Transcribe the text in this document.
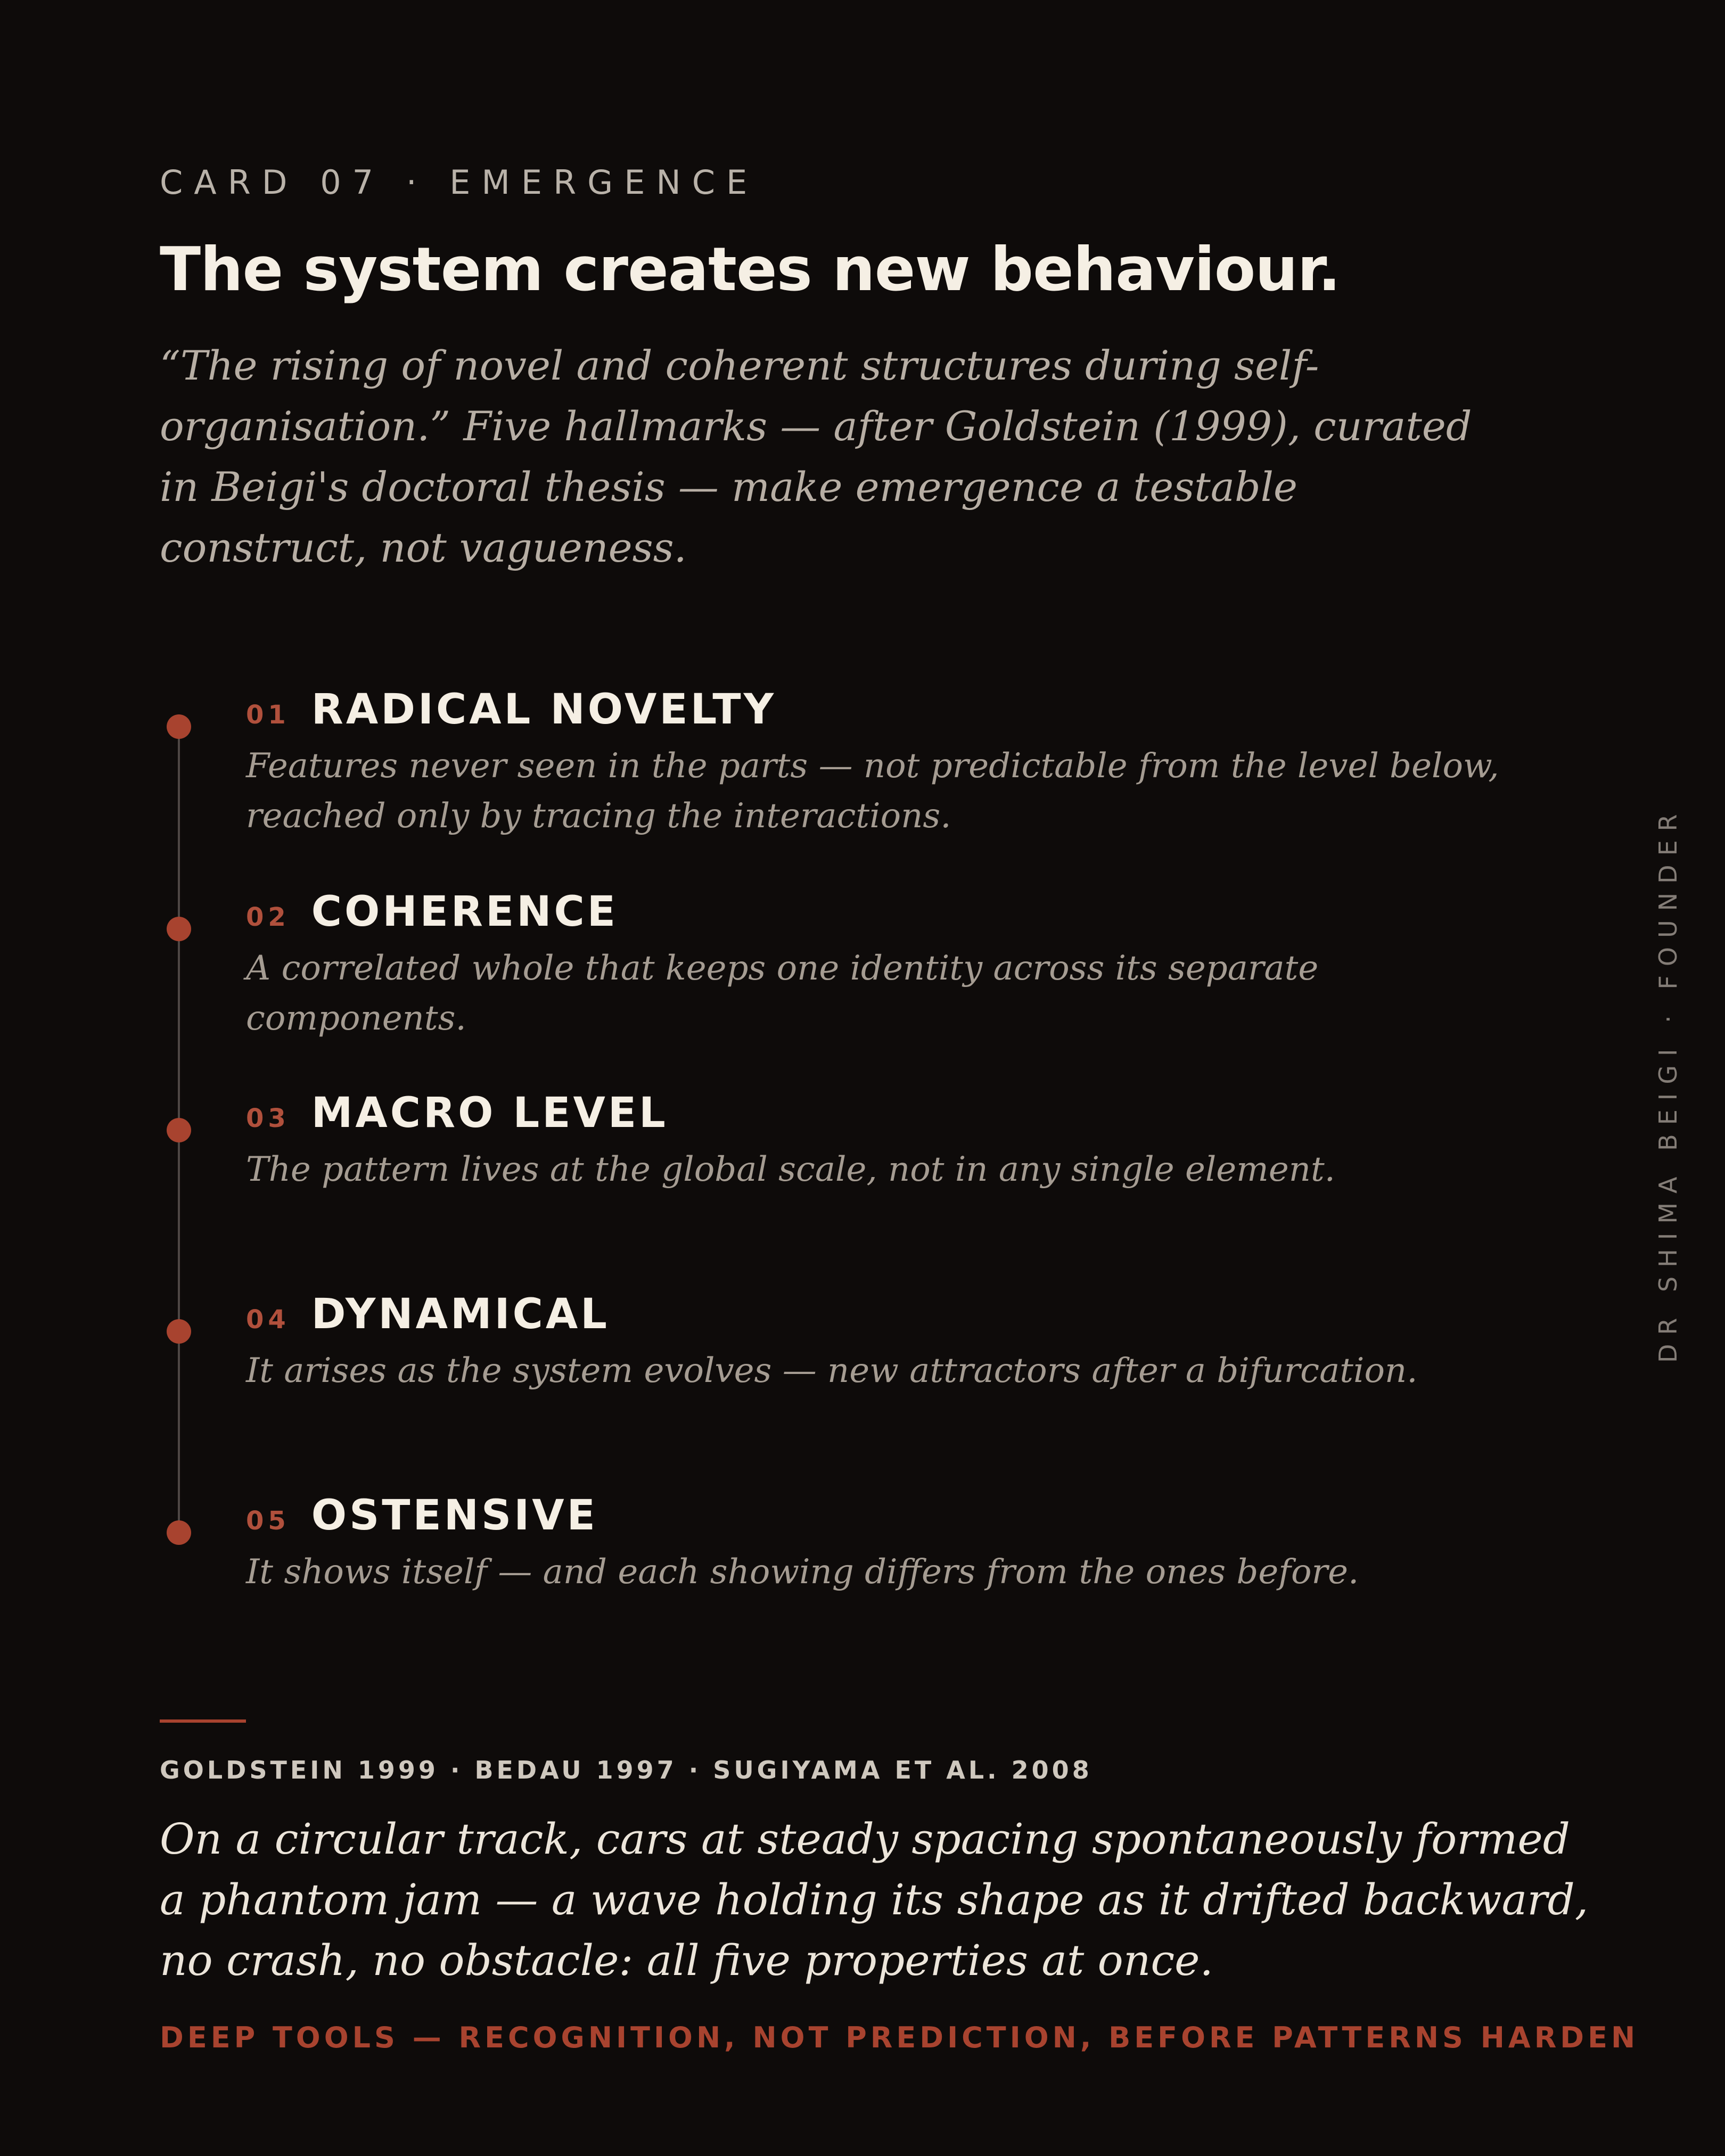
CARD 07 · EMERGENCE
The system creates new behaviour.

“The rising of novel and coherent structures during self-organisation.” Five hallmarks — after Goldstein (1999), curated in Beigi's doctoral thesis — make emergence a testable construct, not vagueness.

01 RADICAL NOVELTY
Features never seen in the parts — not predictable from the level below, reached only by tracing the interactions.
02 COHERENCE
A correlated whole that keeps one identity across its separate components.
03 MACRO LEVEL
The pattern lives at the global scale, not in any single element.
04 DYNAMICAL
It arises as the system evolves — new attractors after a bifurcation.
05 OSTENSIVE
It shows itself — and each showing differs from the ones before.
DR SHIMA BEIGI · FOUNDER
GOLDSTEIN 1999 · BEDAU 1997 · SUGIYAMA ET AL. 2008

On a circular track, cars at steady spacing spontaneously formed a phantom jam — a wave holding its shape as it drifted backward, no crash, no obstacle: all five properties at once.

DEEP TOOLS — RECOGNITION, NOT PREDICTION, BEFORE PATTERNS HARDEN
